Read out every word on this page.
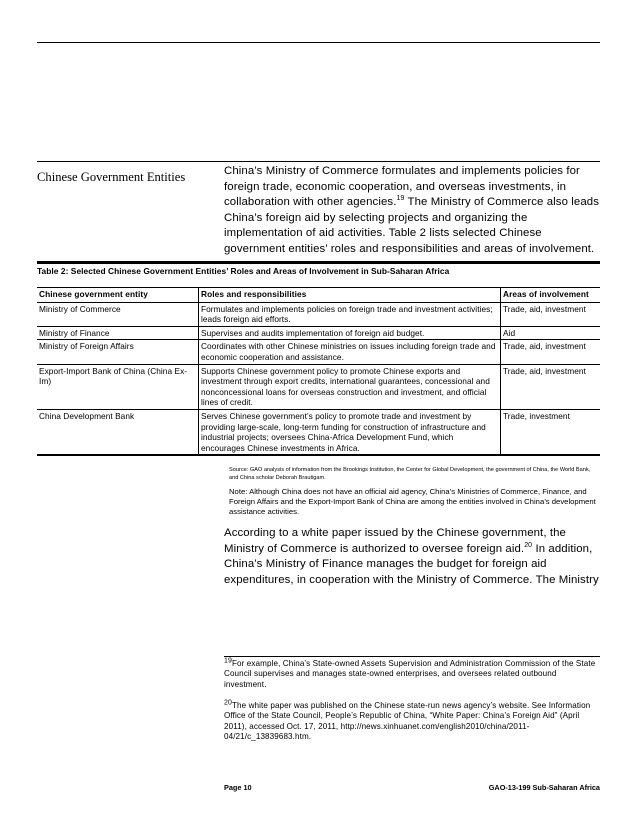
Chinese Government Entities	China’s Ministry of Commerce formulates and implements policies for foreign trade, economic cooperation, and overseas investments, in collaboration with other agencies.$^{19}$ The Ministry of Commerce also leads China’s foreign aid by selecting projects and organizing the implementation of aid activities. Table 2 lists selected Chinese government entities’ roles and responsibilities and areas of involvement.
Table 2: Selected Chinese Government Entities’ Roles and Areas of Involvement in Sub-Saharan Africa
Chinese government entity	Roles and responsibilities	Areas of involvement
Ministry of Commerce	Formulates and implements policies on foreign trade and investment activities; leads foreign aid efforts.	Trade, aid, investment
Ministry of Finance	Supervises and audits implementation of foreign aid budget.	Aid
Ministry of Foreign Affairs	Coordinates with other Chinese ministries on issues including foreign trade and economic cooperation and assistance.	Trade, aid, investment
Export-Import Bank of China (China Ex-Im)	Supports Chinese government policy to promote Chinese exports and investment through export credits, international guarantees, concessional and nonconcessional loans for overseas construction and investment, and official lines of credit.	Trade, aid, investment
China Development Bank	Serves Chinese government’s policy to promote trade and investment by providing large-scale, long-term funding for construction of infrastructure and industrial projects; oversees China-Africa Development Fund, which encourages Chinese investments in Africa.	Trade, investment
Source: GAO analysis of information from the Brookings Institution, the Center for Global Development, the government of China, the World Bank, and China scholar Deborah Brautigam.
Note: Although China does not have an official aid agency, China’s Ministries of Commerce, Finance, and Foreign Affairs and the Export-Import Bank of China are among the entities involved in China’s development assistance activities.
According to a white paper issued by the Chinese government, the Ministry of Commerce is authorized to oversee foreign aid.$^{20}$ In addition, China’s Ministry of Finance manages the budget for foreign aid expenditures, in cooperation with the Ministry of Commerce. The Ministry
$^{19}$For example, China’s State-owned Assets Supervision and Administration Commission of the State Council supervises and manages state-owned enterprises, and oversees related outbound investment.
$^{20}$The white paper was published on the Chinese state-run news agency’s website. See Information Office of the State Council, People’s Republic of China, “White Paper: China’s Foreign Aid” (April 2011), accessed Oct. 17, 2011, http://news.xinhuanet.com/english2010/china/2011-04/21/c_13839683.htm.
Page 10	GAO-13-199 Sub-Saharan Africa
